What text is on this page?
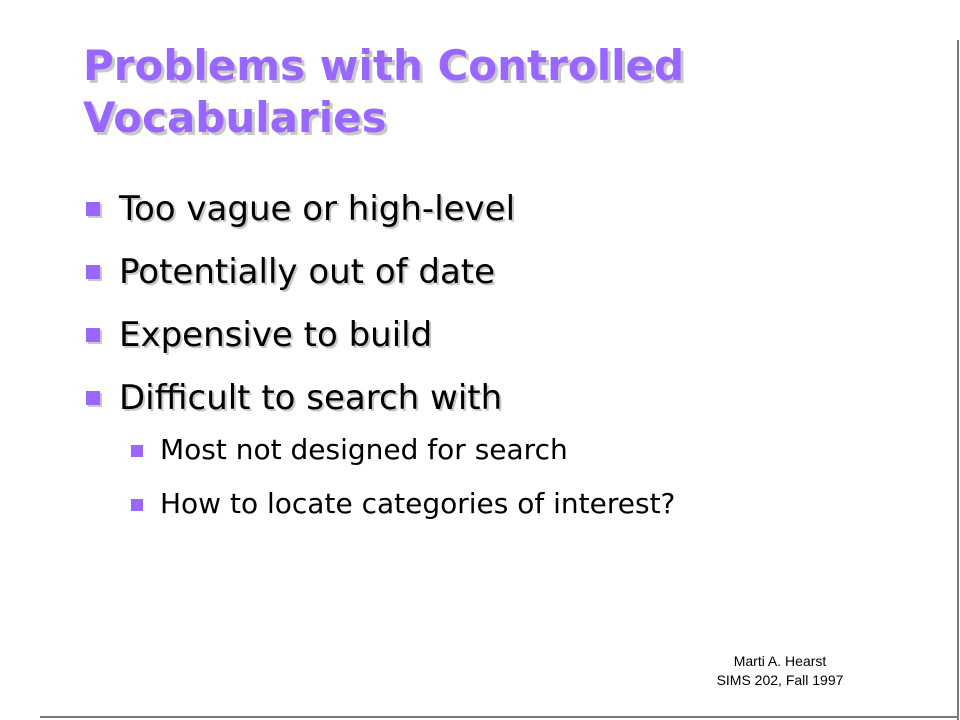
Problems with Controlled
Vocabularies
Too vague or high-level
Potentially out of date
Expensive to build
Difficult to search with
Most not designed for search
How to locate categories of interest?
Marti A. Hearst
SIMS 202, Fall 1997
